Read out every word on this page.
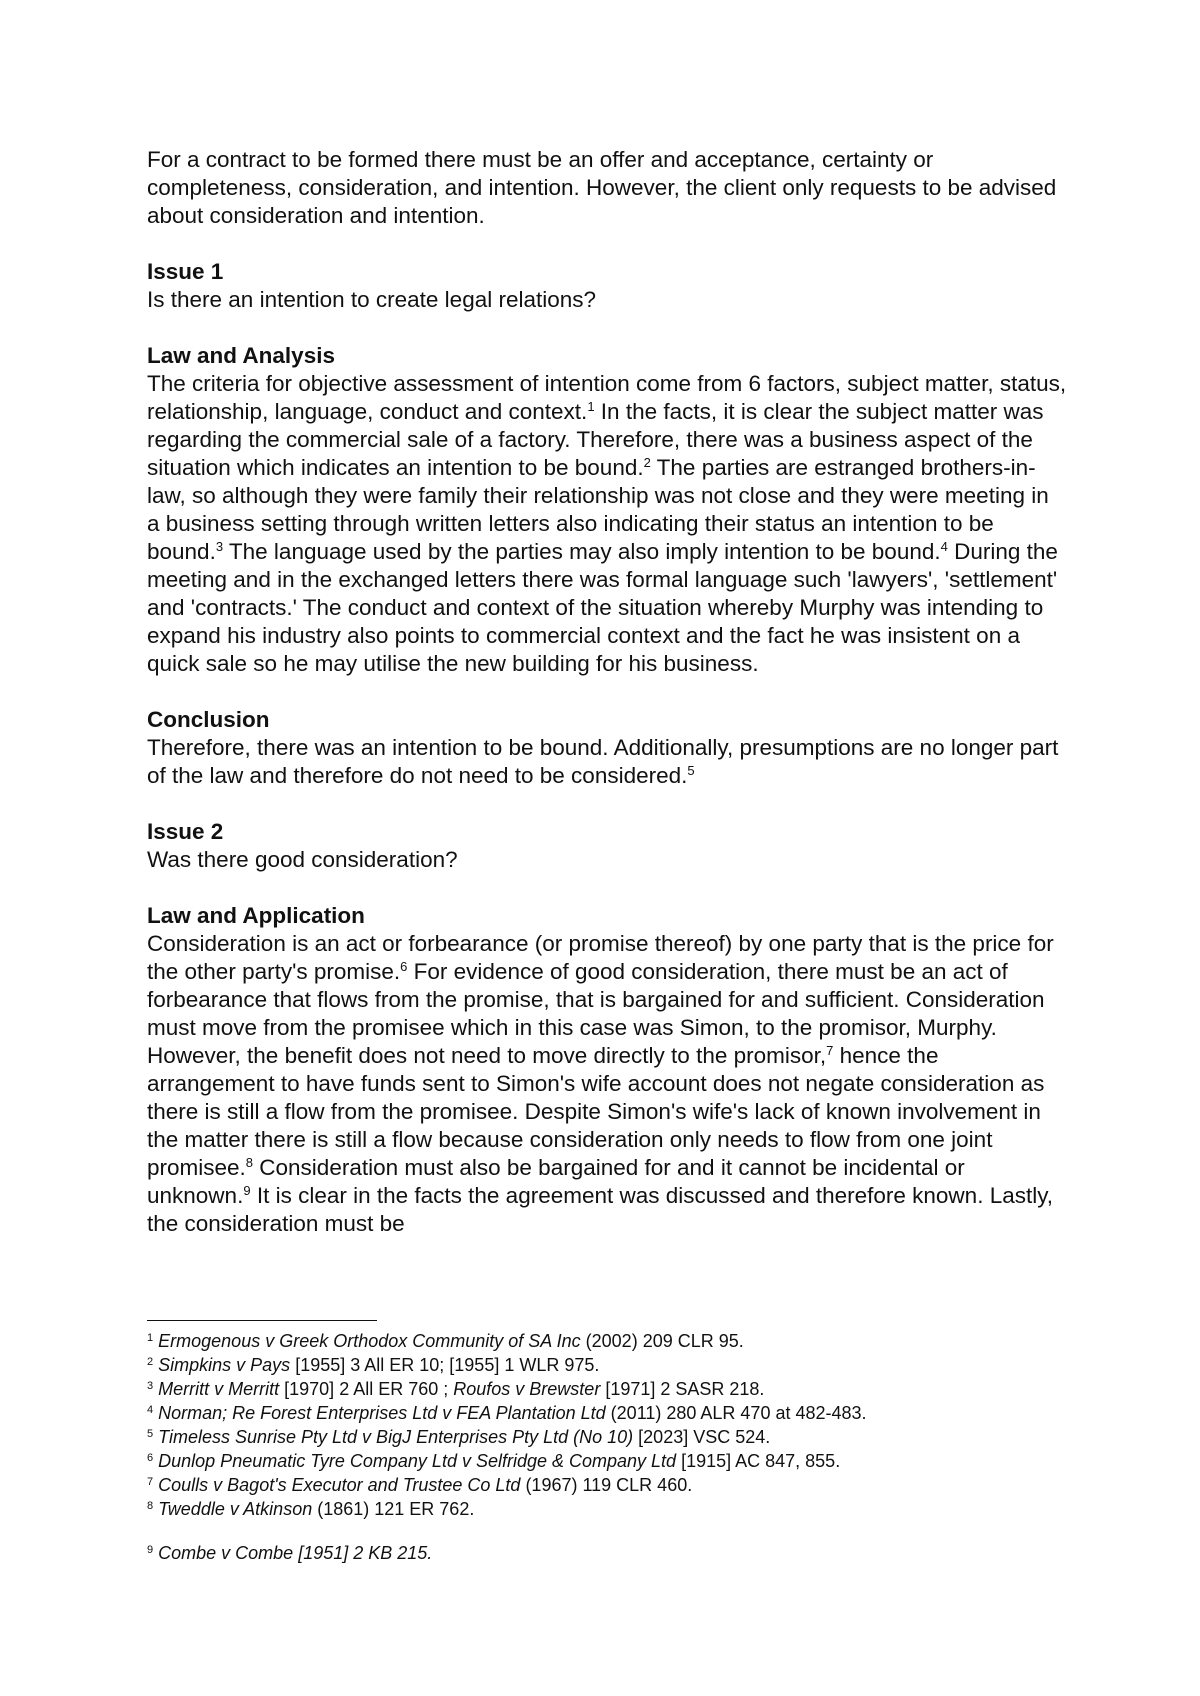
For a contract to be formed there must be an offer and acceptance, certainty or completeness, consideration, and intention. However, the client only requests to be advised about consideration and intention.

Issue 1

Is there an intention to create legal relations?

Law and Analysis

The criteria for objective assessment of intention come from 6 factors, subject matter, status, relationship, language, conduct and context.$^1$ In the facts, it is clear the subject matter was regarding the commercial sale of a factory. Therefore, there was a business aspect of the situation which indicates an intention to be bound.$^2$ The parties are estranged brothers-in-law, so although they were family their relationship was not close and they were meeting in a business setting through written letters also indicating their status an intention to be bound.$^3$ The language used by the parties may also imply intention to be bound.$^4$ During the meeting and in the exchanged letters there was formal language such 'lawyers', 'settlement' and 'contracts.' The conduct and context of the situation whereby Murphy was intending to expand his industry also points to commercial context and the fact he was insistent on a quick sale so he may utilise the new building for his business.

Conclusion

Therefore, there was an intention to be bound. Additionally, presumptions are no longer part of the law and therefore do not need to be considered.$^5$

Issue 2

Was there good consideration?

Law and Application

Consideration is an act or forbearance (or promise thereof) by one party that is the price for the other party's promise.$^6$ For evidence of good consideration, there must be an act of forbearance that flows from the promise, that is bargained for and sufficient. Consideration must move from the promisee which in this case was Simon, to the promisor, Murphy. However, the benefit does not need to move directly to the promisor,$^7$ hence the arrangement to have funds sent to Simon's wife account does not negate consideration as there is still a flow from the promisee. Despite Simon's wife's lack of known involvement in the matter there is still a flow because consideration only needs to flow from one joint promisee.$^8$ Consideration must also be bargained for and it cannot be incidental or unknown.$^9$ It is clear in the facts the agreement was discussed and therefore known. Lastly, the consideration must be

$^1$ Ermogenous v Greek Orthodox Community of SA Inc (2002) 209 CLR 95.

$^2$ Simpkins v Pays [1955] 3 All ER 10; [1955] 1 WLR 975.

$^3$ Merritt v Merritt [1970] 2 All ER 760 ; Roufos v Brewster [1971] 2 SASR 218.

$^4$ Norman; Re Forest Enterprises Ltd v FEA Plantation Ltd (2011) 280 ALR 470 at 482-483.

$^5$ Timeless Sunrise Pty Ltd v BigJ Enterprises Pty Ltd (No 10) [2023] VSC 524.

$^6$ Dunlop Pneumatic Tyre Company Ltd v Selfridge & Company Ltd [1915] AC 847, 855.

$^7$ Coulls v Bagot's Executor and Trustee Co Ltd (1967) 119 CLR 460.

$^8$ Tweddle v Atkinson (1861) 121 ER 762.

$^9$ Combe v Combe [1951] 2 KB 215.
